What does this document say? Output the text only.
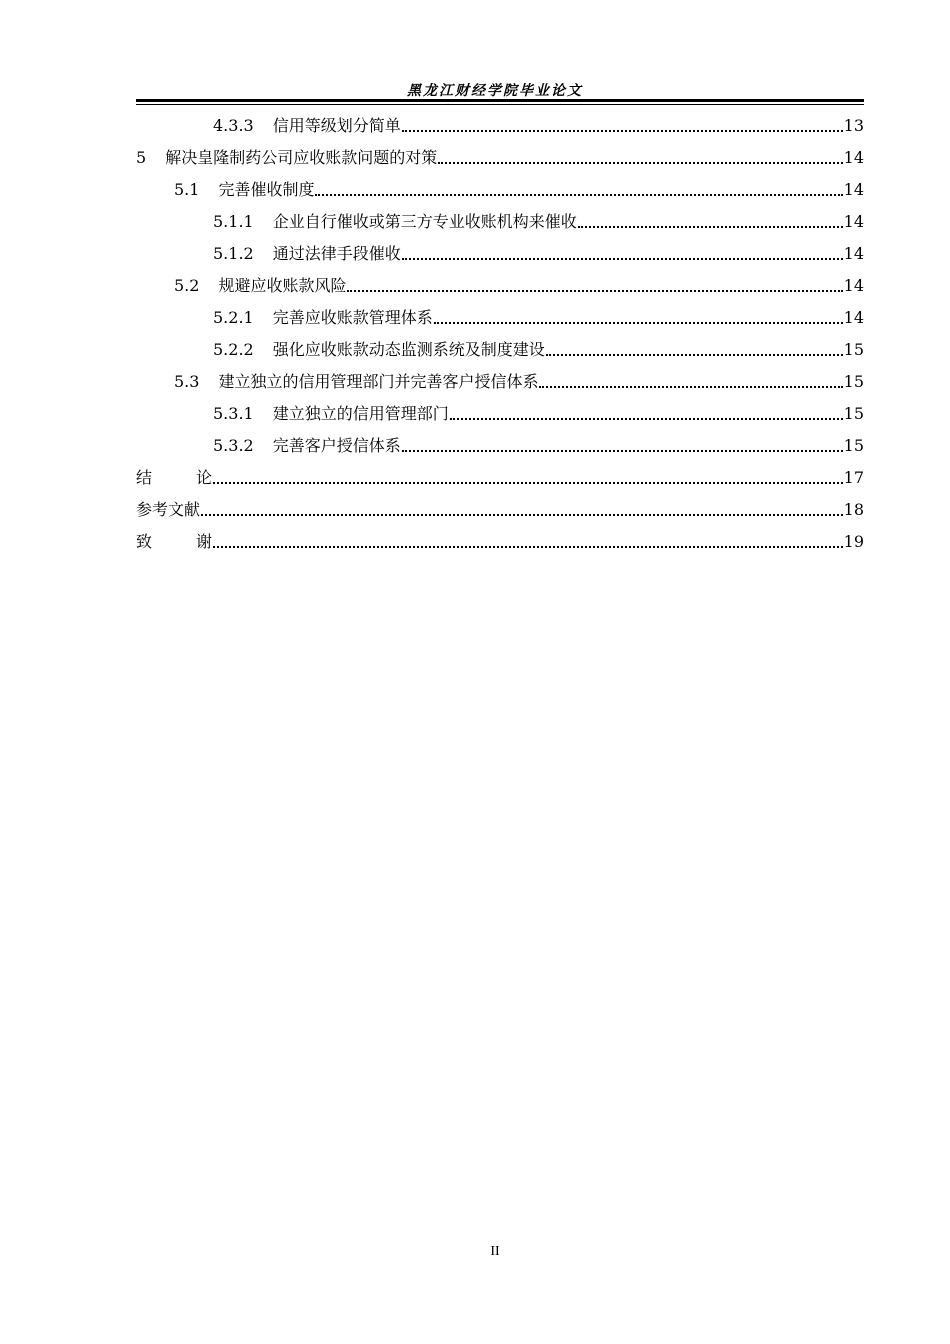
黑龙江财经学院毕业论文
4.3.3 信用等级划分简单	13
5 解决皇隆制药公司应收账款问题的对策	14
5.1 完善催收制度	14
5.1.1 企业自行催收或第三方专业收账机构来催收	14
5.1.2 通过法律手段催收	14
5.2 规避应收账款风险	14
5.2.1 完善应收账款管理体系	14
5.2.2 强化应收账款动态监测系统及制度建设	15
5.3 建立独立的信用管理部门并完善客户授信体系	15
5.3.1 建立独立的信用管理部门	15
5.3.2 完善客户授信体系	15
结	论	17
参考文献	18
致	谢	19
II
